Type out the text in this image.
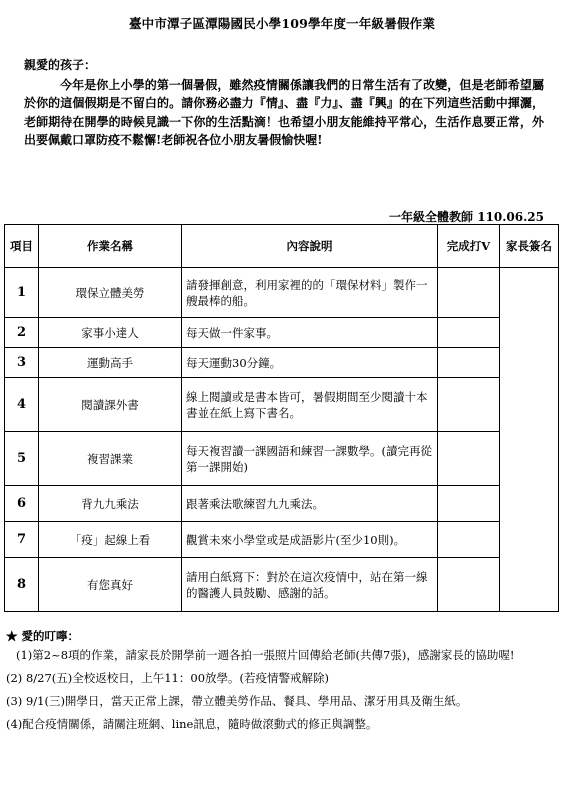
臺中市潭子區潭陽國民小學109學年度一年級暑假作業

親愛的孩子：

今年是你上小學的第一個暑假，雖然疫情關係讓我們的日常生活有了改變，但是老師希望屬於你的這個假期是不留白的。請你務必盡力『情』、盡『力』、盡『興』的在下列這些活動中揮灑，老師期待在開學的時候見識一下你的生活點滴！也希望小朋友能維持平常心，生活作息要正常，外出要佩戴口罩防疫不鬆懈!老師祝各位小朋友暑假愉快喔!

一年級全體教師 110.06.25
項目	作業名稱	內容說明	完成打V	家長簽名
1	環保立體美勞	請發揮創意，利用家裡的的「環保材料」製作一艘最棒的船。		
2	家事小達人	每天做一件家事。		
3	運動高手	每天運動30分鐘。		
4	閱讀課外書	線上閱讀或是書本皆可，暑假期間至少閱讀十本書並在紙上寫下書名。		
5	複習課業	每天複習讀一課國語和練習一課數學。(讀完再從第一課開始)		
6	背九九乘法	跟著乘法歌練習九九乘法。		
7	「疫」起線上看	觀賞未來小學堂或是成語影片(至少10則)。		
8	有您真好	請用白紙寫下：對於在這次疫情中，站在第一線的醫護人員鼓勵、感謝的話。		
★ 愛的叮嚀：

(1)第2~8項的作業，請家長於開學前一週各拍一張照片回傳給老師(共傳7張)，感謝家長的協助喔!

(2) 8/27(五)全校返校日，上午11：00放學。(若疫情警戒解除)

(3) 9/1(三)開學日，當天正常上課，帶立體美勞作品、餐具、學用品、潔牙用具及衛生紙。

(4)配合疫情關係，請關注班網、line訊息，隨時做滾動式的修正與調整。
